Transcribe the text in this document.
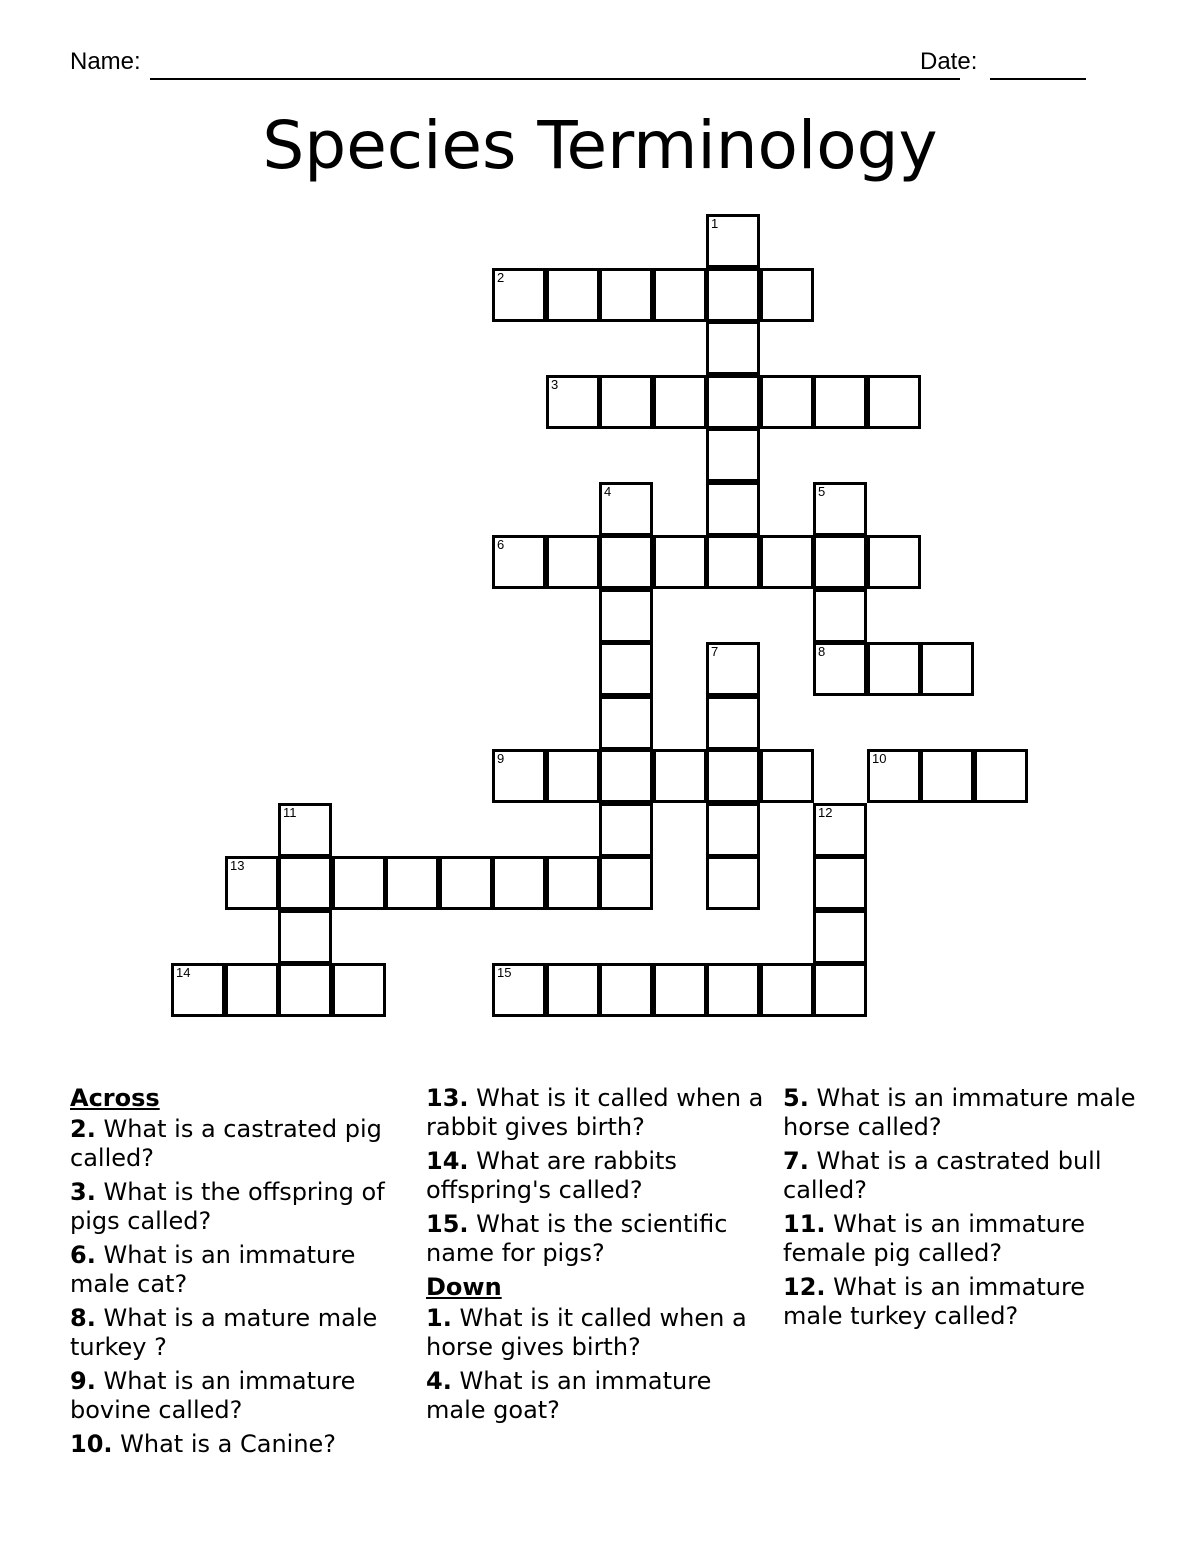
Name:	Date:
Species Terminology
1
2
3
4	5
8
6
7
9	10
11	12
13
14	15
Across
2. What is a castrated pig called?
3. What is the offspring of pigs called?
6. What is an immature male cat?
8. What is a mature male turkey ?
9. What is an immature bovine called?
10. What is a Canine?
13. What is it called when a rabbit gives birth?
14. What are rabbits offspring's called?
15. What is the scientific name for pigs?
Down
1. What is it called when a horse gives birth?
4. What is an immature male goat?
5. What is an immature male horse called?
7. What is a castrated bull called?
11. What is an immature female pig called?
12. What is an immature male turkey called?
